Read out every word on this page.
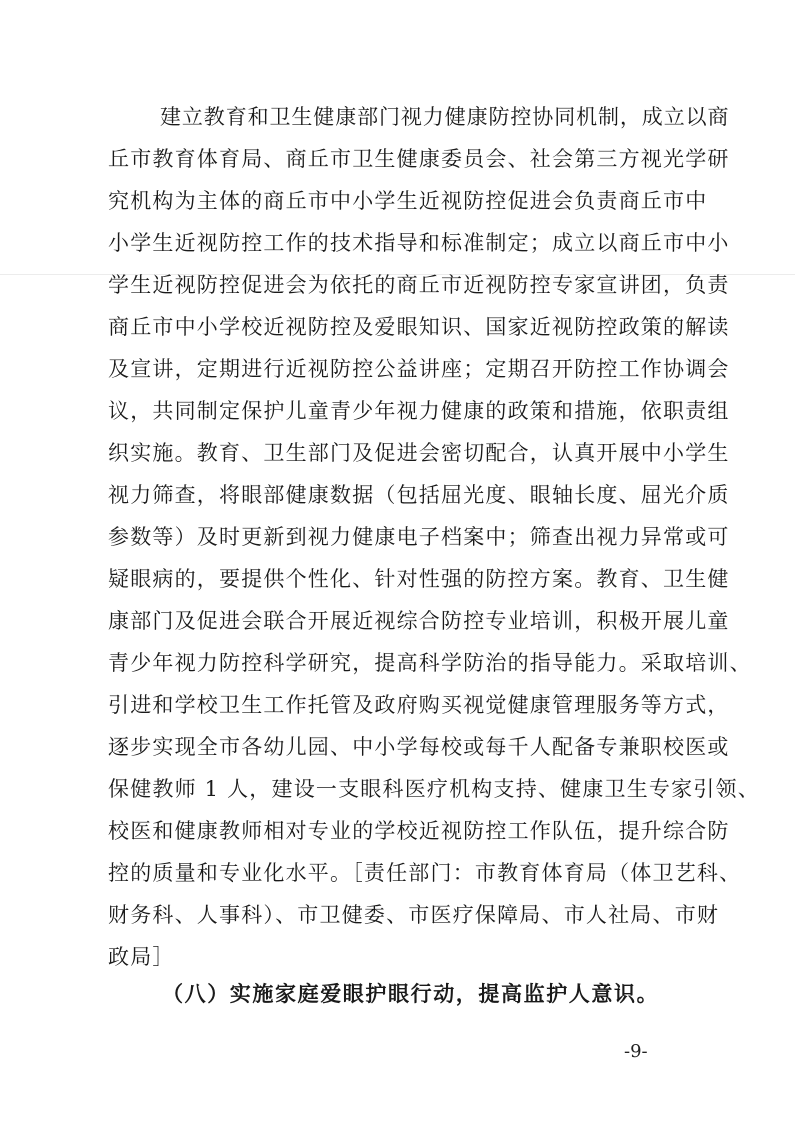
建立教育和卫生健康部门视力健康防控协同机制，成立以商
丘市教育体育局、商丘市卫生健康委员会、社会第三方视光学研
究机构为主体的商丘市中小学生近视防控促进会负责商丘市中
小学生近视防控工作的技术指导和标准制定；成立以商丘市中小
学生近视防控促进会为依托的商丘市近视防控专家宣讲团，负责
商丘市中小学校近视防控及爱眼知识、国家近视防控政策的解读
及宣讲，定期进行近视防控公益讲座；定期召开防控工作协调会
议，共同制定保护儿童青少年视力健康的政策和措施，依职责组
织实施。教育、卫生部门及促进会密切配合，认真开展中小学生
视力筛查，将眼部健康数据（包括屈光度、眼轴长度、屈光介质
参数等）及时更新到视力健康电子档案中；筛查出视力异常或可
疑眼病的，要提供个性化、针对性强的防控方案。教育、卫生健
康部门及促进会联合开展近视综合防控专业培训，积极开展儿童
青少年视力防控科学研究，提高科学防治的指导能力。采取培训、
引进和学校卫生工作托管及政府购买视觉健康管理服务等方式，
逐步实现全市各幼儿园、中小学每校或每千人配备专兼职校医或
保健教师 1 人，建设一支眼科医疗机构支持、健康卫生专家引领、
校医和健康教师相对专业的学校近视防控工作队伍，提升综合防
控的质量和专业化水平。［责任部门：市教育体育局（体卫艺科、
财务科、人事科）、市卫健委、市医疗保障局、市人社局、市财
政局］
（八）实施家庭爱眼护眼行动，提高监护人意识。
-9-
